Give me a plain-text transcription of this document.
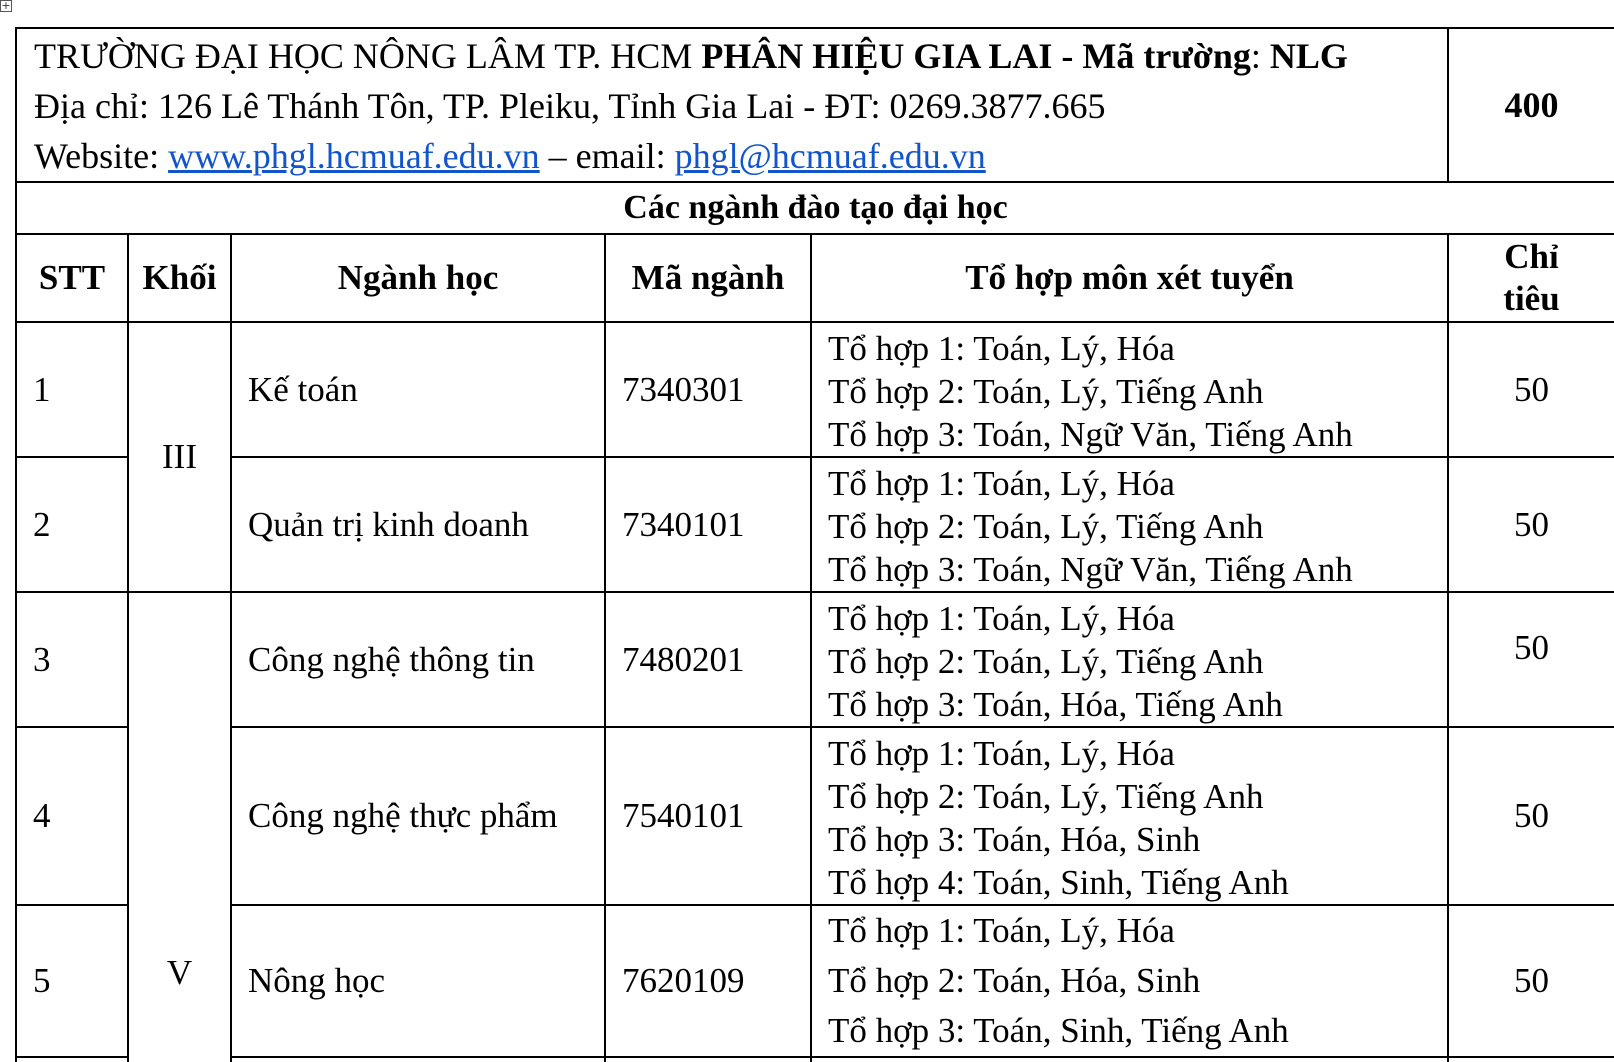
+
TRƯỜNG ĐẠI HỌC NÔNG LÂM TP. HCM PHÂN HIỆU GIA LAI - Mã trường: NLG
Địa chỉ: 126 Lê Thánh Tôn, TP. Pleiku, Tỉnh Gia Lai - ĐT: 0269.3877.665
Website: www.phgl.hcmuaf.edu.vn – email: phgl@hcmuaf.edu.vn					400
Các ngành đào tạo đại học					
STT	Khối	Ngành học	Mã ngành	Tổ hợp môn xét tuyển	Chỉ
tiêu

1	III	Kế toán	7340301	Tổ hợp 1: Toán, Lý, Hóa
Tổ hợp 2: Toán, Lý, Tiếng Anh
Tổ hợp 3: Toán, Ngữ Văn, Tiếng Anh	50
2		Quản trị kinh doanh	7340101	Tổ hợp 1: Toán, Lý, Hóa
Tổ hợp 2: Toán, Lý, Tiếng Anh
Tổ hợp 3: Toán, Ngữ Văn, Tiếng Anh	50
3	V	Công nghệ thông tin	7480201	Tổ hợp 1: Toán, Lý, Hóa
Tổ hợp 2: Toán, Lý, Tiếng Anh
Tổ hợp 3: Toán, Hóa, Tiếng Anh	50
4		Công nghệ thực phẩm	7540101	Tổ hợp 1: Toán, Lý, Hóa
Tổ hợp 2: Toán, Lý, Tiếng Anh
Tổ hợp 3: Toán, Hóa, Sinh
Tổ hợp 4: Toán, Sinh, Tiếng Anh	50
5		Nông học	7620109	Tổ hợp 1: Toán, Lý, Hóa
Tổ hợp 2: Toán, Hóa, Sinh
Tổ hợp 3: Toán, Sinh, Tiếng Anh	50
